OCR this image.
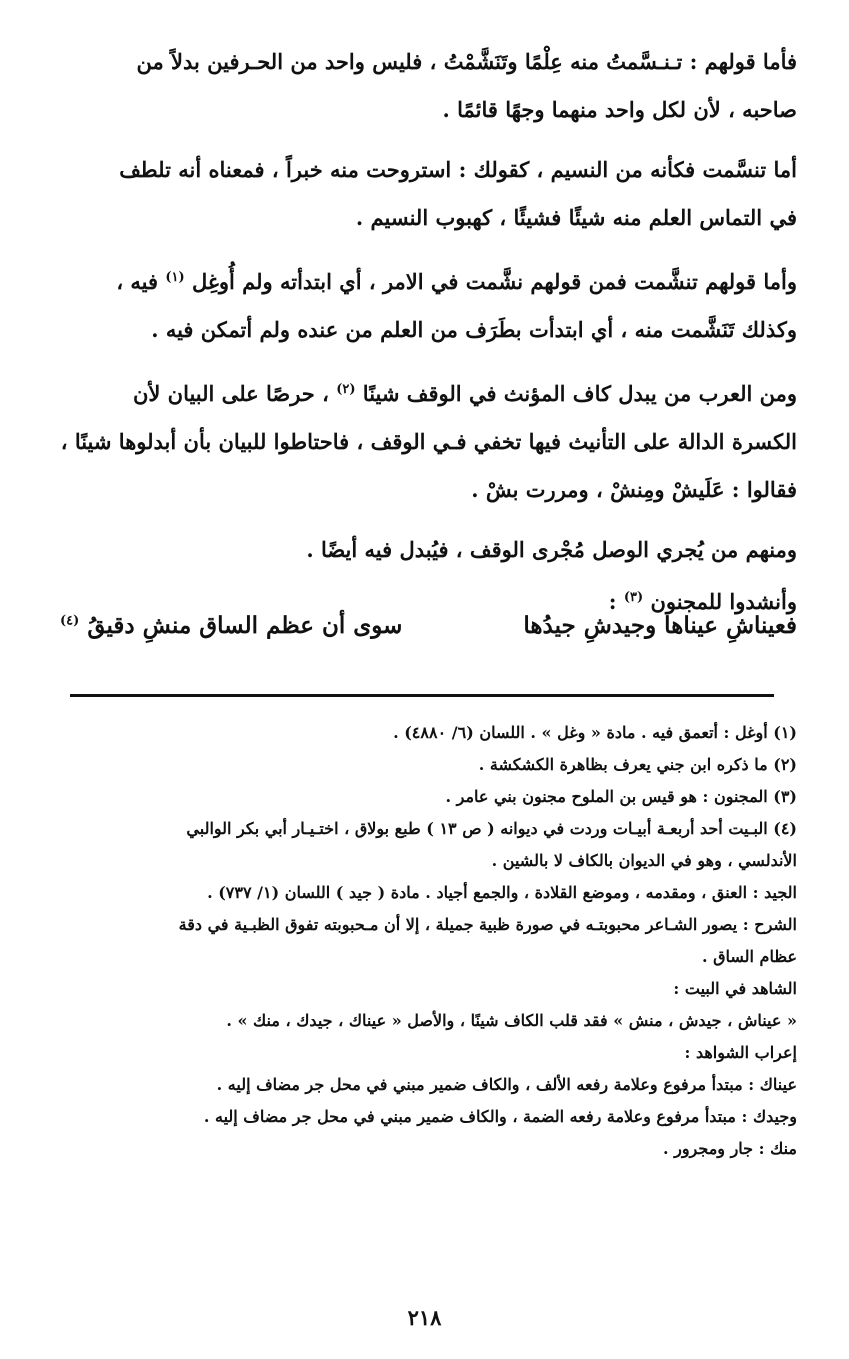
فأما قولهم : تـنـسَّمتُ منه عِلْمًا وتَنَشَّمْتُ ، فليس واحد من الحـرفين بدلاً من
صاحبه ، لأن لكل واحد منهما وجهًا قائمًا .

أما تنسَّمت فكأنه من النسيم ، كقولك : استروحت منه خبراً ، فمعناه أنه تلطف
في التماس العلم منه شيئًا فشيئًا ، كهبوب النسيم .

وأما قولهم تنشَّمت فمن قولهم نشَّمت في الامر ، أي ابتدأته ولم أُوغِل $^{(١)}$ فيه ،
وكذلك تَنَشَّمت منه ، أي ابتدأت بطَرَف من العلم من عنده ولم أتمكن فيه .

ومن العرب من يبدل كاف المؤنث في الوقف شينًا $^{(٢)}$ ، حرصًا على البيان لأن
الكسرة الدالة على التأنيث فيها تخفي فـي الوقف ، فاحتاطوا للبيان بأن أبدلوها شينًا ،
فقالوا : عَلَيشْ ومِنشْ ، ومررت بشْ .

ومنهم من يُجري الوصل مُجْرى الوقف ، فيُبدل فيه أيضًا .

وأنشدوا للمجنون $^{(٣)}$ :

فعيناشِ عيناها وجيدشِ جيدُها
سوى أن عظم الساق منشِ دقيقُ $^{(٤)}$

(١) أوغل : أتعمق فيه . مادة « وغل » . اللسان (٦/ ٤٨٨٠) .

(٢) ما ذكره ابن جني يعرف بظاهرة الكشكشة .

(٣) المجنون : هو قيس بن الملوح مجنون بني عامر .

(٤) البـيت أحد أربعـة أبيـات وردت في ديوانه ( ص ١٣ ) طبع بولاق ، اختـيـار أبي بكر الوالبي
الأندلسي ، وهو في الديوان بالكاف لا بالشين .

الجيد : العنق ، ومقدمه ، وموضع القلادة ، والجمع أجياد . مادة ( جيد ) اللسان (١/ ٧٣٧) .

الشرح : يصور الشـاعر محبوبتـه في صورة ظبية جميلة ، إلا أن مـحبوبته تفوق الظبـية في دقة
عظام الساق .

الشاهد في البيت :

« عيناش ، جيدش ، منش » فقد قلب الكاف شينًا ، والأصل « عيناك ، جيدك ، منك » .

إعراب الشواهد :

عيناك : مبتدأ مرفوع وعلامة رفعه الألف ، والكاف ضمير مبني في محل جر مضاف إليه .

وجيدك : مبتدأ مرفوع وعلامة رفعه الضمة ، والكاف ضمير مبني في محل جر مضاف إليه .

منك : جار ومجرور .

٢١٨
